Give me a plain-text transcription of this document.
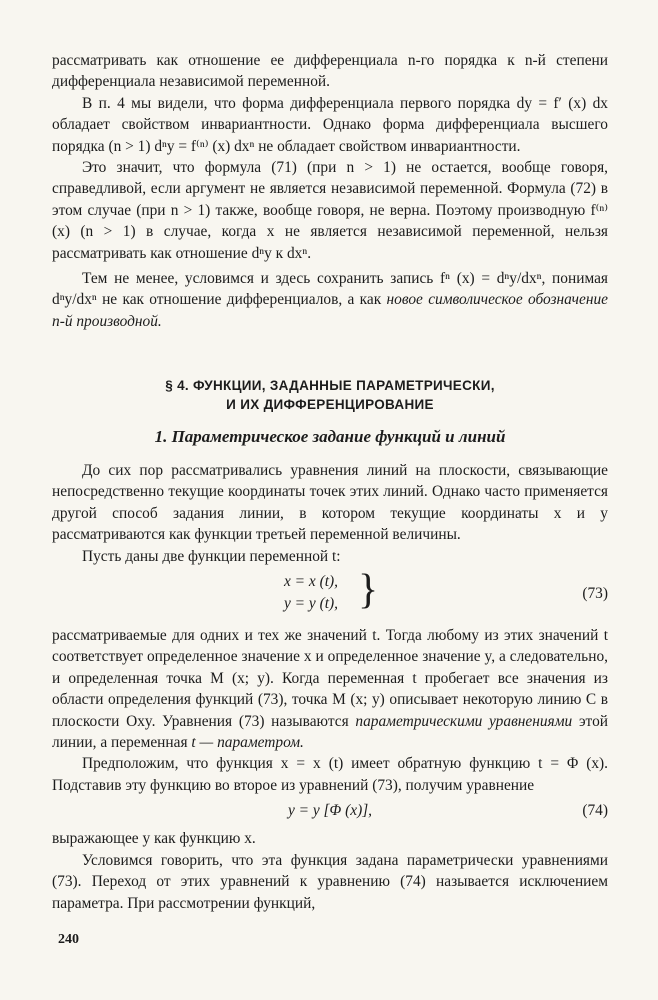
рассматривать как отношение ее дифференциала n-го порядка к n-й степени дифференциала независимой переменной.

В п. 4 мы видели, что форма дифференциала первого порядка dy = f′ (x) dx обладает свойством инвариантности. Однако форма дифференциала высшего порядка (n > 1) dⁿy = f⁽ⁿ⁾ (x) dxⁿ не обладает свойством инвариантности.

Это значит, что формула (71) (при n > 1) не остается, вообще говоря, справедливой, если аргумент не является независимой переменной. Формула (72) в этом случае (при n > 1) также, вообще говоря, не верна. Поэтому производную f⁽ⁿ⁾ (x) (n > 1) в случае, когда x не является независимой переменной, нельзя рассматривать как отношение dⁿy к dxⁿ.

Тем не менее, условимся и здесь сохранить запись fⁿ (x) = dⁿy/dxⁿ, понимая dⁿy/dxⁿ не как отношение дифференциалов, а как новое символическое обозначение n-й производной.

§ 4. ФУНКЦИИ, ЗАДАННЫЕ ПАРАМЕТРИЧЕСКИ,
И ИХ ДИФФЕРЕНЦИРОВАНИЕ
1. Параметрическое задание функций и линий

До сих пор рассматривались уравнения линий на плоскости, связывающие непосредственно текущие координаты точек этих линий. Однако часто применяется другой способ задания линии, в котором текущие координаты x и y рассматриваются как функции третьей переменной величины.

Пусть даны две функции переменной t:

x = x (t),
y = y (t), }	(73)

рассматриваемые для одних и тех же значений t. Тогда любому из этих значений t соответствует определенное значение x и определенное значение y, а следовательно, и определенная точка M (x; y). Когда переменная t пробегает все значения из области определения функций (73), точка M (x; y) описывает некоторую линию C в плоскости Oxy. Уравнения (73) называются параметрическими уравнениями этой линии, а переменная t — параметром.

Предположим, что функция x = x (t) имеет обратную функцию t = Φ (x). Подставив эту функцию во второе из уравнений (73), получим уравнение

y = y [Φ (x)],	(74)

выражающее y как функцию x.

Условимся говорить, что эта функция задана параметрически уравнениями (73). Переход от этих уравнений к уравнению (74) называется исключением параметра. При рассмотрении функций,

240
